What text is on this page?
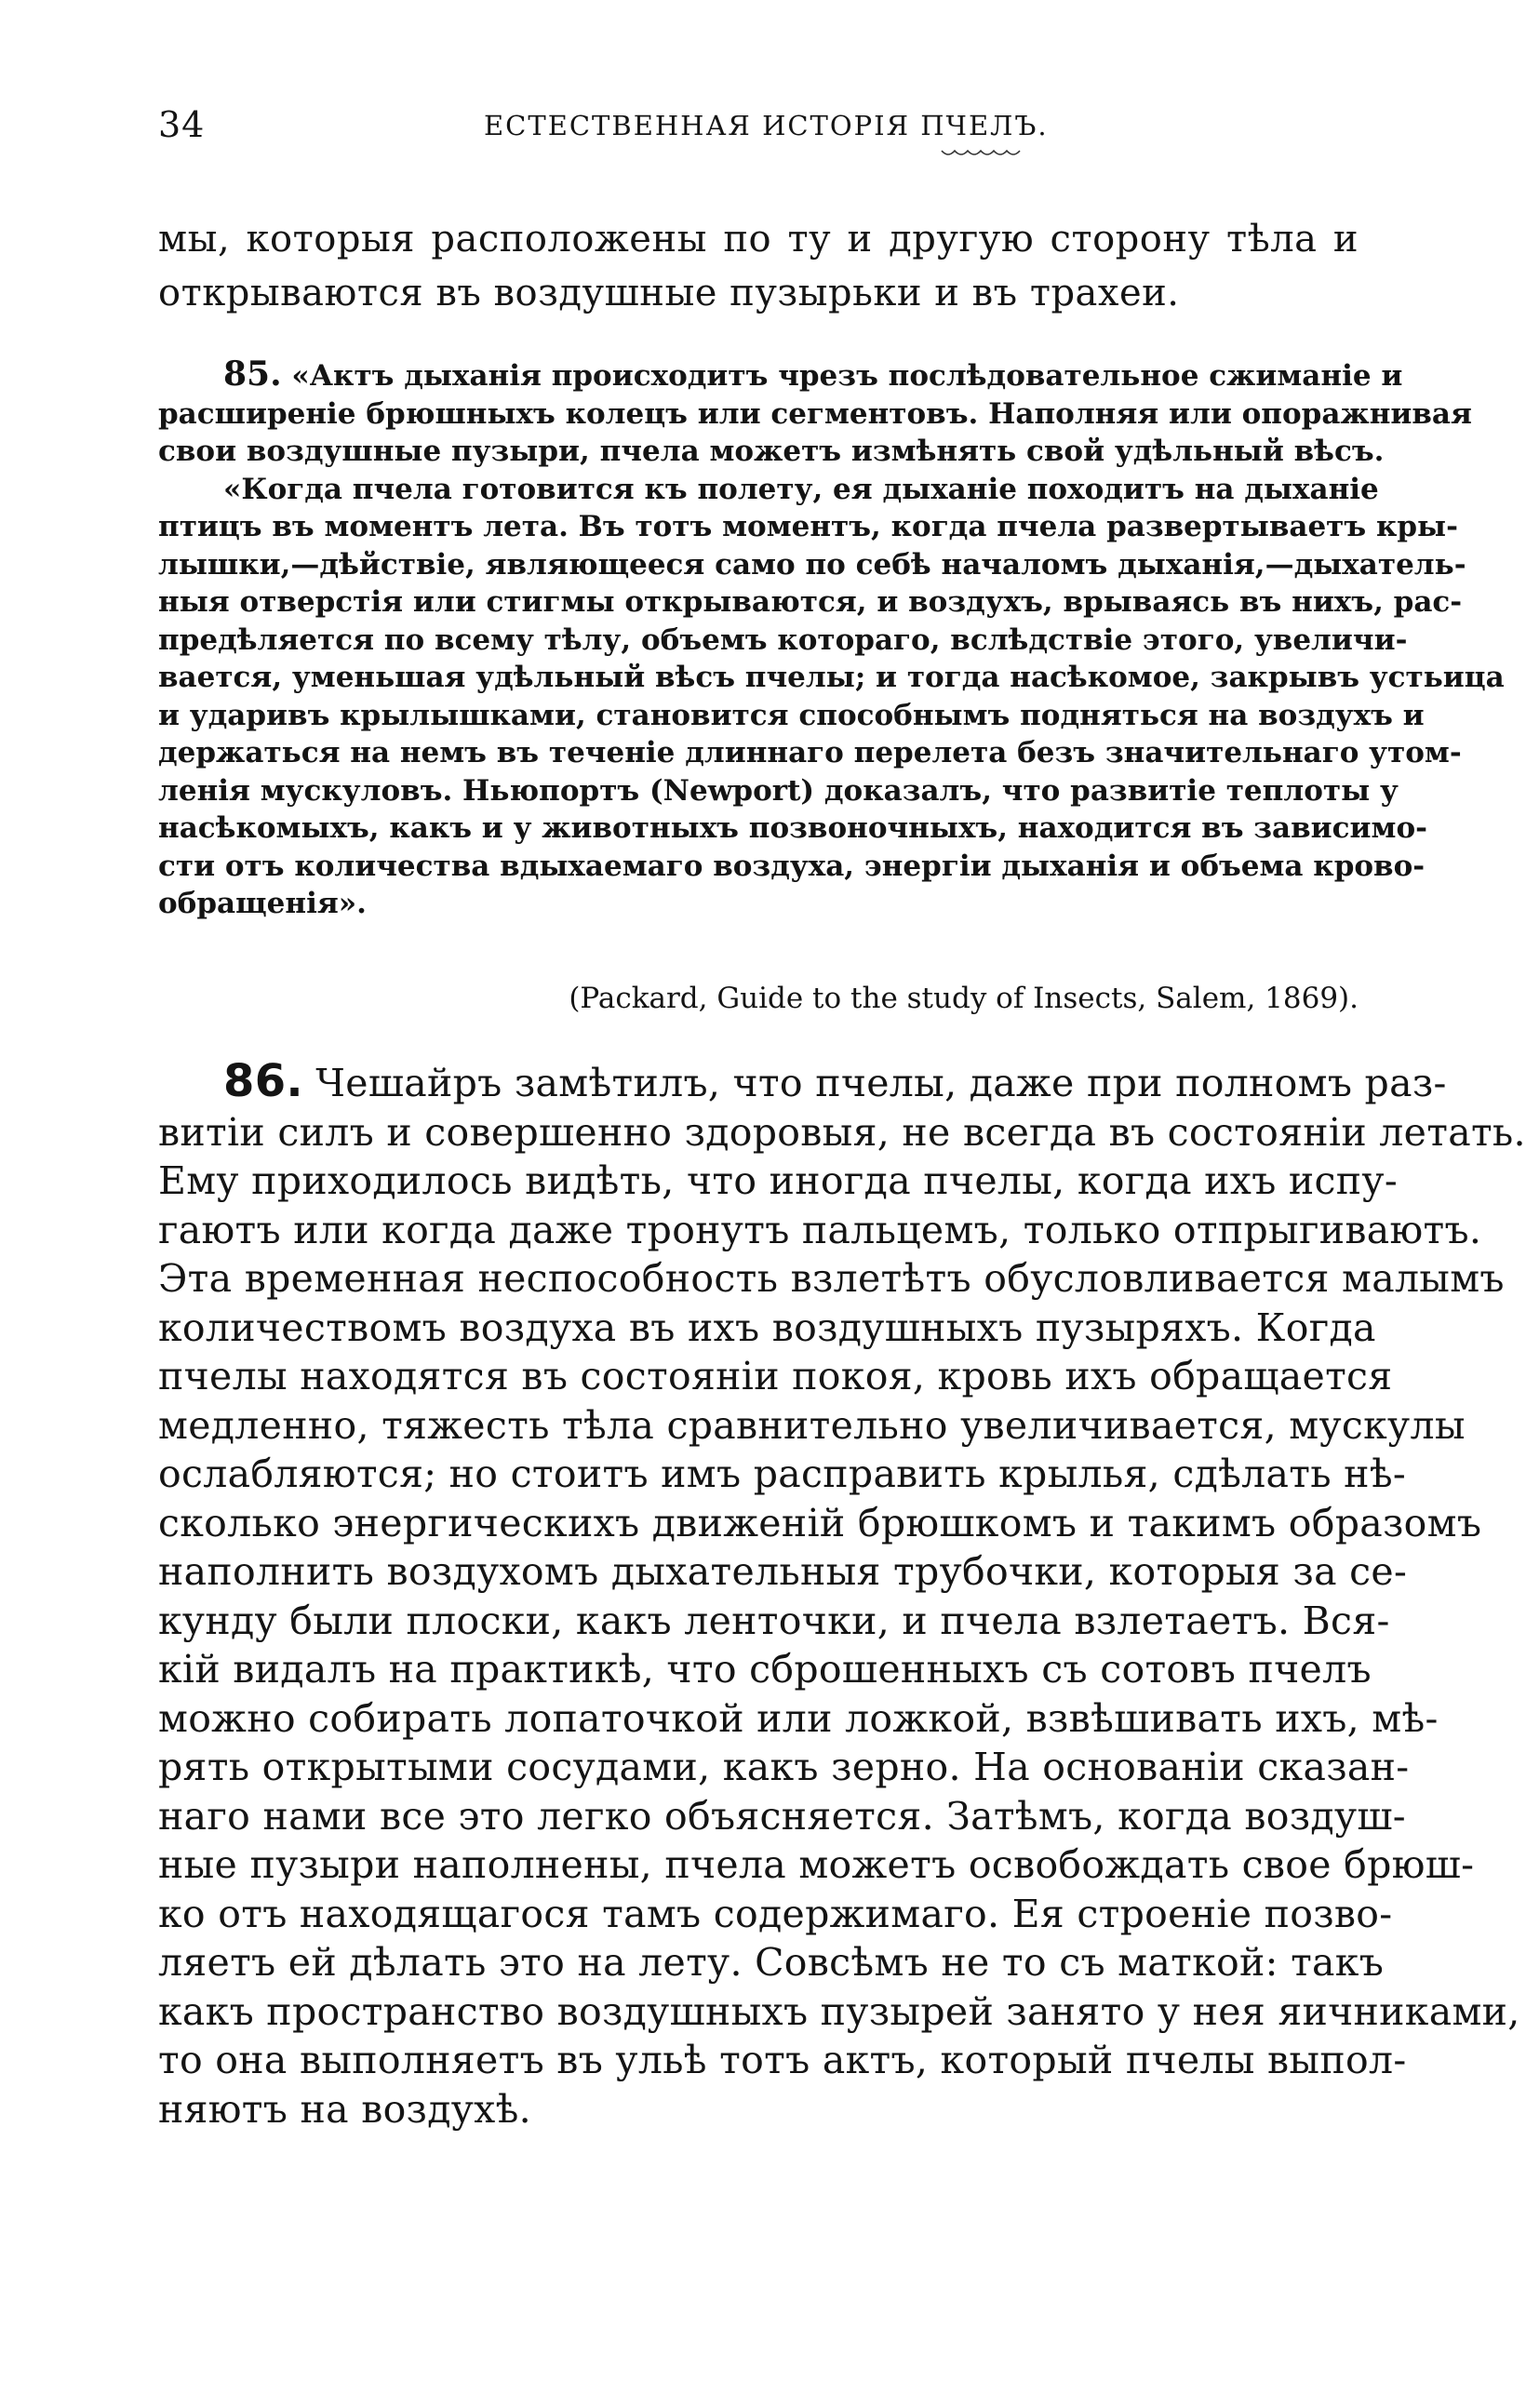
34	ЕСТЕСТВЕННАЯ ИСТОРІЯ ПЧЕЛЪ.
мы, которыя расположены по ту и другую сторону тѣла и
открываются въ воздушные пузырьки и въ трахеи.
85. «Актъ дыханія происходитъ чрезъ послѣдовательное сжиманіе и
расширеніе брюшныхъ колецъ или сегментовъ. Наполняя или опоражнивая
свои воздушные пузыри, пчела можетъ измѣнять свой удѣльный вѣсъ.
«Когда пчела готовится къ полету, ея дыханіе походитъ на дыханіе
птицъ въ моментъ лета. Въ тотъ моментъ, когда пчела развертываетъ кры-
лышки,—дѣйствіе, являющееся само по себѣ началомъ дыханія,—дыхатель-
ныя отверстія или стигмы открываются, и воздухъ, врываясь въ нихъ, рас-
предѣляется по всему тѣлу, объемъ котораго, вслѣдствіе этого, увеличи-
вается, уменьшая удѣльный вѣсъ пчелы; и тогда насѣкомое, закрывъ устьица
и ударивъ крылышками, становится способнымъ подняться на воздухъ и
держаться на немъ въ теченіе длиннаго перелета безъ значительнаго утом-
ленія мускуловъ. Ньюпортъ (Newport) доказалъ, что развитіе теплоты у
насѣкомыхъ, какъ и у животныхъ позвоночныхъ, находится въ зависимо-
сти отъ количества вдыхаемаго воздуха, энергіи дыханія и объема крово-
обращенія».
(Packard, Guide to the study of Insects, Salem, 1869).
86. Чешайръ замѣтилъ, что пчелы, даже при полномъ раз-
витіи силъ и совершенно здоровыя, не всегда въ состояніи летать.
Ему приходилось видѣть, что иногда пчелы, когда ихъ испу-
гаютъ или когда даже тронутъ пальцемъ, только отпрыгиваютъ.
Эта временная неспособность взлетѣтъ обусловливается малымъ
количествомъ воздуха въ ихъ воздушныхъ пузыряхъ. Когда
пчелы находятся въ состояніи покоя, кровь ихъ обращается
медленно, тяжесть тѣла сравнительно увеличивается, мускулы
ослабляются; но стоитъ имъ расправить крылья, сдѣлать нѣ-
сколько энергическихъ движеній брюшкомъ и такимъ образомъ
наполнить воздухомъ дыхательныя трубочки, которыя за се-
кунду были плоски, какъ ленточки, и пчела взлетаетъ. Вся-
кій видалъ на практикѣ, что сброшенныхъ съ сотовъ пчелъ
можно собирать лопаточкой или ложкой, взвѣшивать ихъ, мѣ-
рять открытыми сосудами, какъ зерно. На основаніи сказан-
наго нами все это легко объясняется. Затѣмъ, когда воздуш-
ные пузыри наполнены, пчела можетъ освобождать свое брюш-
ко отъ находящагося тамъ содержимаго. Ея строеніе позво-
ляетъ ей дѣлать это на лету. Совсѣмъ не то съ маткой: такъ
какъ пространство воздушныхъ пузырей занято у нея яичниками,
то она выполняетъ въ ульѣ тотъ актъ, который пчелы выпол-
няютъ на воздухѣ.
